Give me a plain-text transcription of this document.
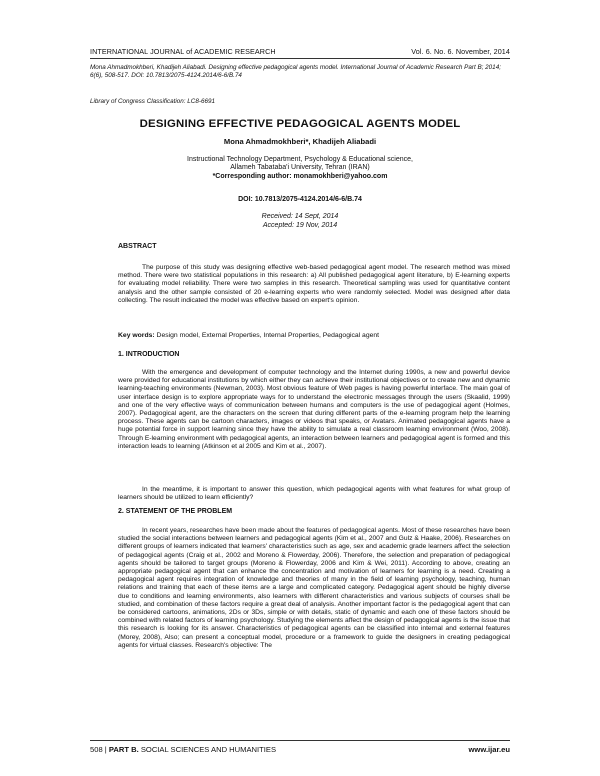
INTERNATIONAL JOURNAL of ACADEMIC RESEARCH	Vol. 6. No. 6. November, 2014
Mona Ahmadmokhberi, Khadijeh Aliabadi. Designing effective pedagogical agents model. International Journal of Academic Research Part B; 2014; 6(6), 508-517. DOI: 10.7813/2075-4124.2014/6-6/B.74
Library of Congress Classification: LC8-6691
DESIGNING EFFECTIVE PEDAGOGICAL AGENTS MODEL
Mona Ahmadmokhberi*, Khadijeh Aliabadi
Instructional Technology Department, Psychology & Educational science,
Allameh Tabataba'i University, Tehran (IRAN)
*Corresponding author: monamokhberi@yahoo.com
DOI: 10.7813/2075-4124.2014/6-6/B.74
Received: 14 Sept, 2014
Accepted: 19 Nov, 2014
ABSTRACT

The purpose of this study was designing effective web-based pedagogical agent model. The research method was mixed method. There were two statistical populations in this research: a) All published pedagogical agent literature, b) E-learning experts for evaluating model reliability. There were two samples in this research. Theoretical sampling was used for quantitative content analysis and the other sample consisted of 20 e-learning experts who were randomly selected. Model was designed after data collecting. The result indicated the model was effective based on expert's opinion.

Key words: Design model, External Properties, Internal Properties, Pedagogical agent
1. INTRODUCTION

With the emergence and development of computer technology and the Internet during 1990s, a new and powerful device were provided for educational institutions by which either they can achieve their institutional objectives or to create new and dynamic learning-teaching environments (Newman, 2003). Most obvious feature of Web pages is having powerful interface. The main goal of user interface design is to explore appropriate ways for to understand the electronic messages through the users (Skaalid, 1999) and one of the very effective ways of communication between humans and computers is the use of pedagogical agent (Holmes, 2007). Pedagogical agent, are the characters on the screen that during different parts of the e-learning program help the learning process. These agents can be cartoon characters, images or videos that speaks, or Avatars. Animated pedagogical agents have a huge potential force in support learning since they have the ability to simulate a real classroom learning environment (Woo, 2008). Through E-learning environment with pedagogical agents, an interaction between learners and pedagogical agent is formed and this interaction leads to learning (Atkinson et al 2005 and Kim et al., 2007).

In the meantime, it is important to answer this question, which pedagogical agents with what features for what group of learners should be utilized to learn efficiently?

2. STATEMENT OF THE PROBLEM

In recent years, researches have been made about the features of pedagogical agents. Most of these researches have been studied the social interactions between learners and pedagogical agents (Kim et al., 2007 and Gulz & Haake, 2006). Researches on different groups of learners indicated that learners' characteristics such as age, sex and academic grade learners affect the selection of pedagogical agents (Craig et al., 2002 and Moreno & Flowerday, 2006). Therefore, the selection and preparation of pedagogical agents should be tailored to target groups (Moreno & Flowerday, 2006 and Kim & Wei, 2011). According to above, creating an appropriate pedagogical agent that can enhance the concentration and motivation of learners for learning is a need. Creating a pedagogical agent requires integration of knowledge and theories of many in the field of learning psychology, teaching, human relations and training that each of these items are a large and complicated category. Pedagogical agent should be highly diverse due to conditions and learning environments, also learners with different characteristics and various subjects of courses shall be studied, and combination of these factors require a great deal of analysis. Another important factor is the pedagogical agent that can be considered cartoons, animations, 2Ds or 3Ds, simple or with details, static of dynamic and each one of these factors should be combined with related factors of learning psychology. Studying the elements affect the design of pedagogical agents is the issue that this research is looking for its answer. Characteristics of pedagogical agents can be classified into internal and external features (Morey, 2008), Also; can present a conceptual model, procedure or a framework to guide the designers in creating pedagogical agents for virtual classes. Research's objective: The

508 | PART B. SOCIAL SCIENCES AND HUMANITIES	www.ijar.eu
